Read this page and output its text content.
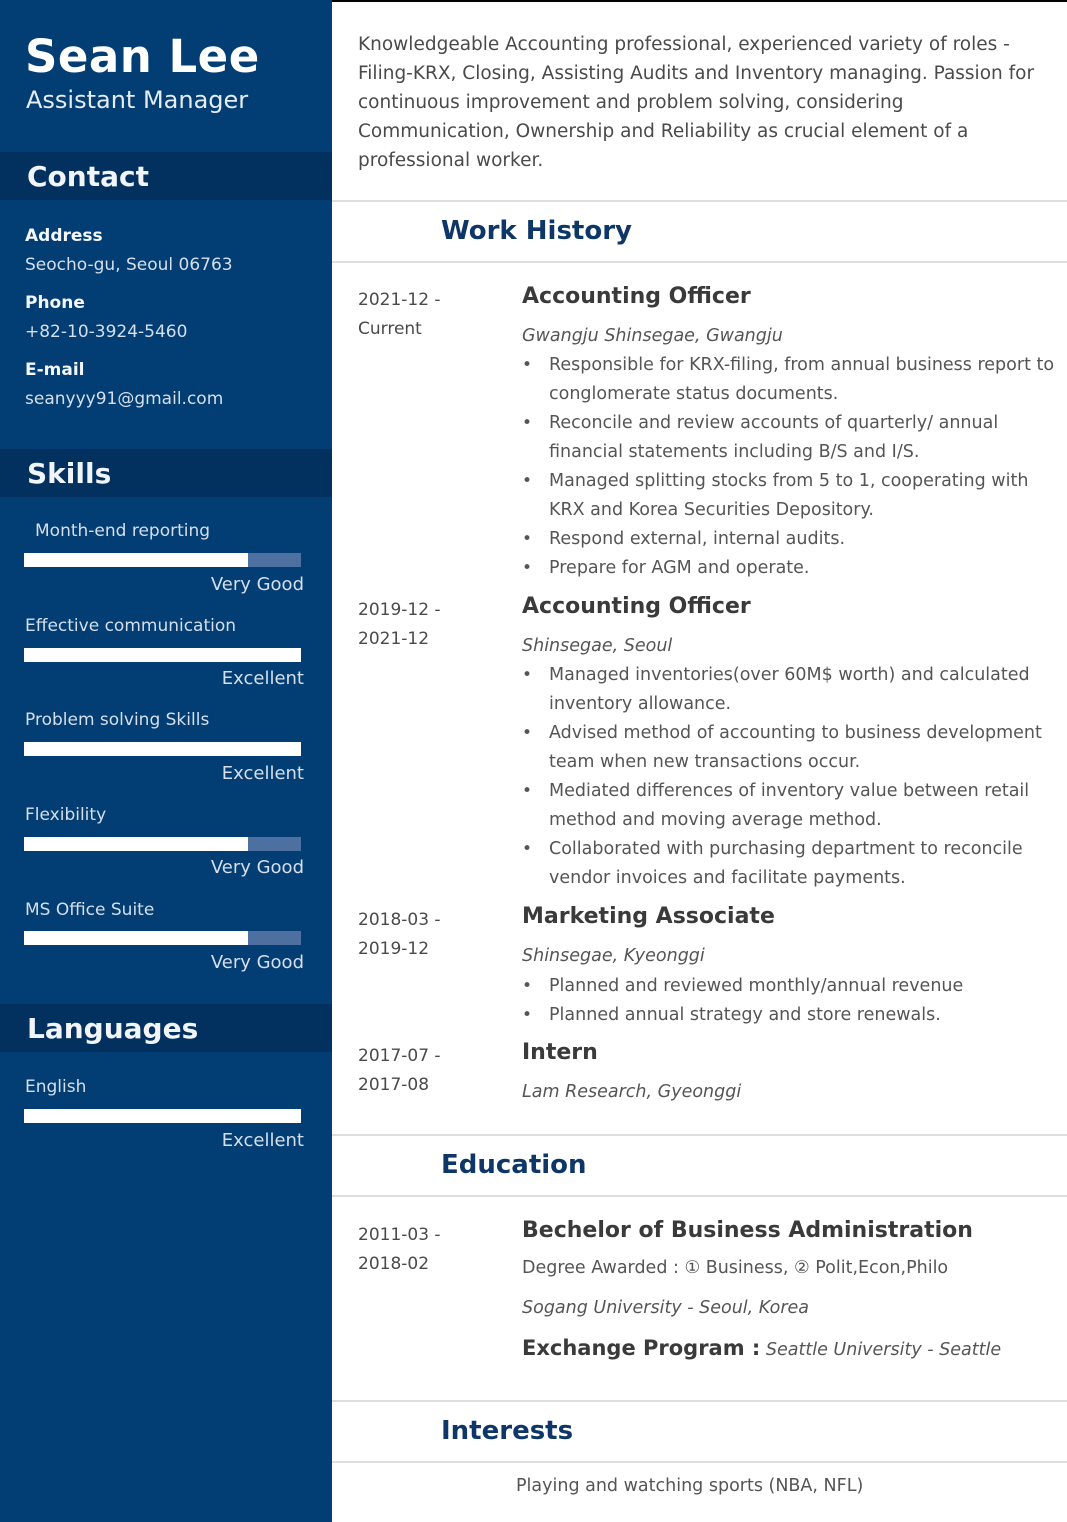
Sean Lee
Assistant Manager
Contact
Address
Seocho-gu, Seoul 06763
Phone
+82-10-3924-5460
E-mail
seanyyy91@gmail.com
Skills
Month-end reporting
Very Good
Effective communication
Excellent
Problem solving Skills
Excellent
Flexibility
Very Good
MS Office Suite
Very Good
Languages
English
Excellent

Knowledgeable Accounting professional, experienced variety of roles - Filing-KRX, Closing, Assisting Audits and Inventory managing. Passion for continuous improvement and problem solving, considering Communication, Ownership and Reliability as crucial element of a professional worker.

Work History
2021-12 -
Current
Accounting Officer
Gwangju Shinsegae, Gwangju
• Responsible for KRX-filing, from annual business report to conglomerate status documents.
• Reconcile and review accounts of quarterly/ annual financial statements including B/S and I/S.
• Managed splitting stocks from 5 to 1, cooperating with KRX and Korea Securities Depository.
• Respond external, internal audits.
• Prepare for AGM and operate.
2019-12 -
2021-12
Accounting Officer
Shinsegae, Seoul
• Managed inventories(over 60M$ worth) and calculated inventory allowance.
• Advised method of accounting to business development team when new transactions occur.
• Mediated differences of inventory value between retail method and moving average method.
• Collaborated with purchasing department to reconcile vendor invoices and facilitate payments.
2018-03 -
2019-12
Marketing Associate
Shinsegae, Kyeonggi
• Planned and reviewed monthly/annual revenue
• Planned annual strategy and store renewals.
2017-07 -
2017-08
Intern
Lam Research, Gyeonggi
Education
2011-03 -
2018-02
Bechelor of Business Administration
Degree Awarded : ① Business, ② Polit,Econ,Philo
Sogang University - Seoul, Korea
Exchange Program : Seattle University - Seattle
Interests
Playing and watching sports (NBA, NFL)
